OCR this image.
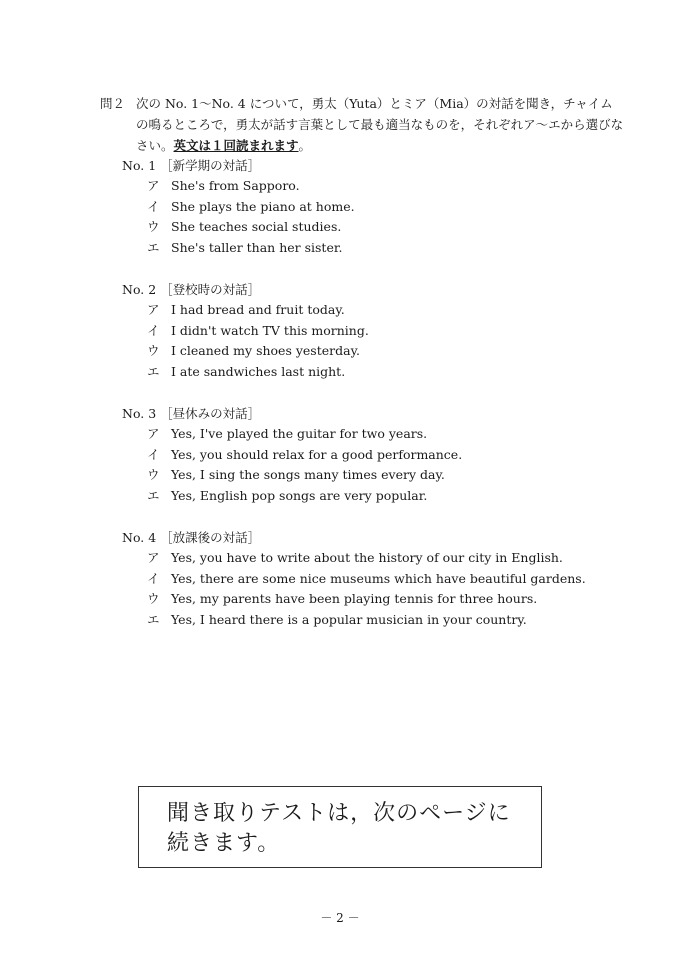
問２ 次の No. 1〜No. 4 について，勇太（Yuta）とミア（Mia）の対話を聞き，チャイムの鳴るところで，勇太が話す言葉として最も適当なものを，それぞれア〜エから選びなさい。英文は１回読まれます。
No. 1 ［新学期の対話］
ア She's from Sapporo.
イ She plays the piano at home.
ウ She teaches social studies.
エ She's taller than her sister.
No. 2 ［登校時の対話］
ア I had bread and fruit today.
イ I didn't watch TV this morning.
ウ I cleaned my shoes yesterday.
エ I ate sandwiches last night.
No. 3 ［昼休みの対話］
ア Yes, I've played the guitar for two years.
イ Yes, you should relax for a good performance.
ウ Yes, I sing the songs many times every day.
エ Yes, English pop songs are very popular.
No. 4 ［放課後の対話］
ア Yes, you have to write about the history of our city in English.
イ Yes, there are some nice museums which have beautiful gardens.
ウ Yes, my parents have been playing tennis for three hours.
エ Yes, I heard there is a popular musician in your country.
聞き取りテストは，次のページに
続きます。
－ 2 －
